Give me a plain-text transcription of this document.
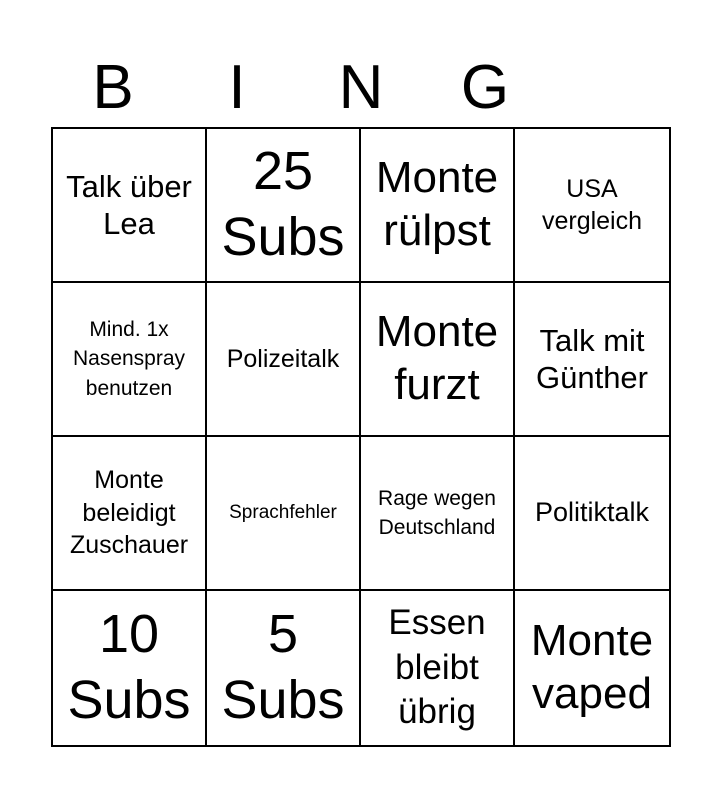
B	I	N	G
Talk über Lea
25 Subs
Monte rülpst
USA vergleich
Mind. 1x Nasenspray benutzen
Polizeitalk
Monte furzt
Talk mit Günther
Monte beleidigt Zuschauer
Sprachfehler
Rage wegen Deutschland
Politiktalk
10 Subs
5 Subs
Essen bleibt übrig
Monte vaped
